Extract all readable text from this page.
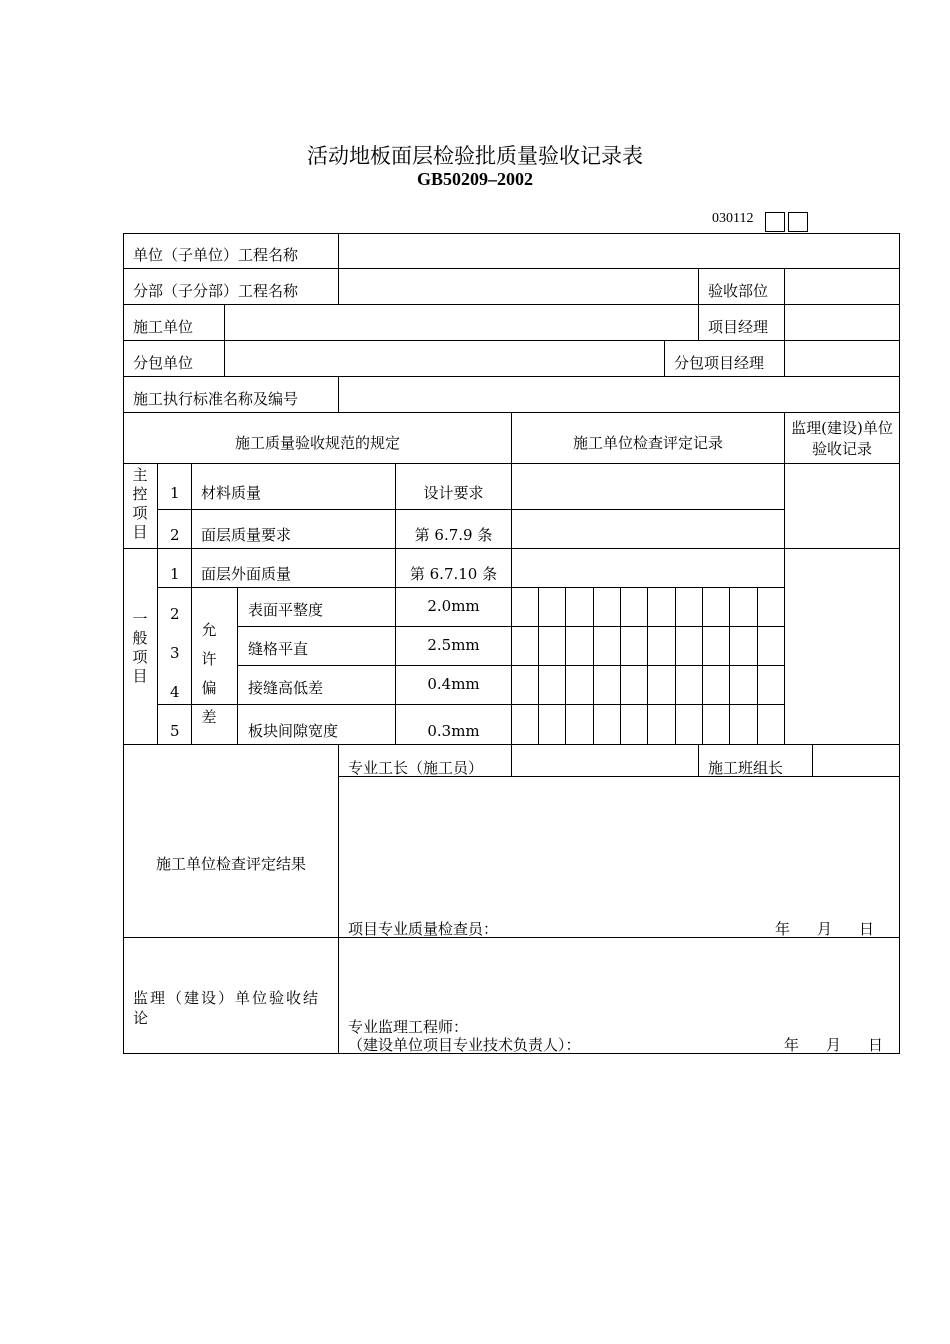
活动地板面层检验批质量验收记录表
GB50209‒2002
030112
单位（子单位）工程名称
分部（子分部）工程名称	验收部位
施工单位	项目经理
分包单位	分包项目经理
施工执行标准名称及编号
施工质量验收规范的规定	施工单位检查评定记录
监理(建设)单位验收记录
主控项目
1 材料质量	设计要求
2 面层质量要求	第 6.7.9 条
一般项目
允许偏差
1 面层外面质量	第 6.7.10 条
2	表面平整度	2.0mm
3	缝格平直	2.5mm
4	接缝高低差	0.4mm
5	板块间隙宽度	0.3mm
专业工长（施工员）	施工班组长
施工单位检查评定结果
项目专业质量检查员：	年 月 日
监理（建设）单位验收结论	专业监理工程师：
（建设单位项目专业技术负责人）：	年 月 日
